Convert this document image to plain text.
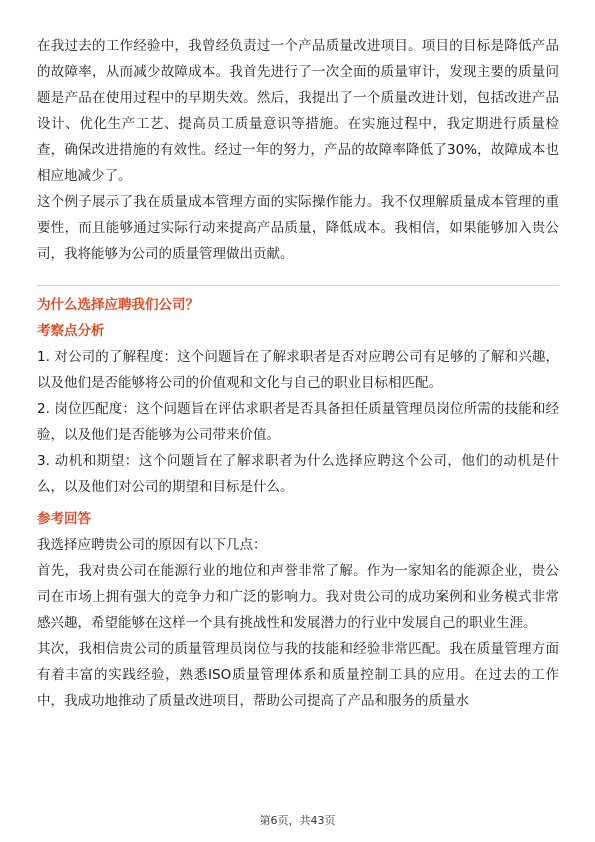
在我过去的工作经验中，我曾经负责过一个产品质量改进项目。项目的目标是降低产品的故障率，从而减少故障成本。我首先进行了一次全面的质量审计，发现主要的质量问题是产品在使用过程中的早期失效。然后，我提出了一个质量改进计划，包括改进产品设计、优化生产工艺、提高员工质量意识等措施。在实施过程中，我定期进行质量检查，确保改进措施的有效性。经过一年的努力，产品的故障率降低了30%，故障成本也相应地减少了。

这个例子展示了我在质量成本管理方面的实际操作能力。我不仅理解质量成本管理的重要性，而且能够通过实际行动来提高产品质量，降低成本。我相信，如果能够加入贵公司，我将能够为公司的质量管理做出贡献。

为什么选择应聘我们公司？

考察点分析

1. 对公司的了解程度：这个问题旨在了解求职者是否对应聘公司有足够的了解和兴趣，以及他们是否能够将公司的价值观和文化与自己的职业目标相匹配。

2. 岗位匹配度：这个问题旨在评估求职者是否具备担任质量管理员岗位所需的技能和经验，以及他们是否能够为公司带来价值。

3. 动机和期望：这个问题旨在了解求职者为什么选择应聘这个公司，他们的动机是什么，以及他们对公司的期望和目标是什么。

参考回答

我选择应聘贵公司的原因有以下几点：

首先，我对贵公司在能源行业的地位和声誉非常了解。作为一家知名的能源企业，贵公司在市场上拥有强大的竞争力和广泛的影响力。我对贵公司的成功案例和业务模式非常感兴趣，希望能够在这样一个具有挑战性和发展潜力的行业中发展自己的职业生涯。

其次，我相信贵公司的质量管理员岗位与我的技能和经验非常匹配。我在质量管理方面有着丰富的实践经验，熟悉ISO质量管理体系和质量控制工具的应用。在过去的工作中，我成功地推动了质量改进项目，帮助公司提高了产品和服务的质量水

第6页，共43页
